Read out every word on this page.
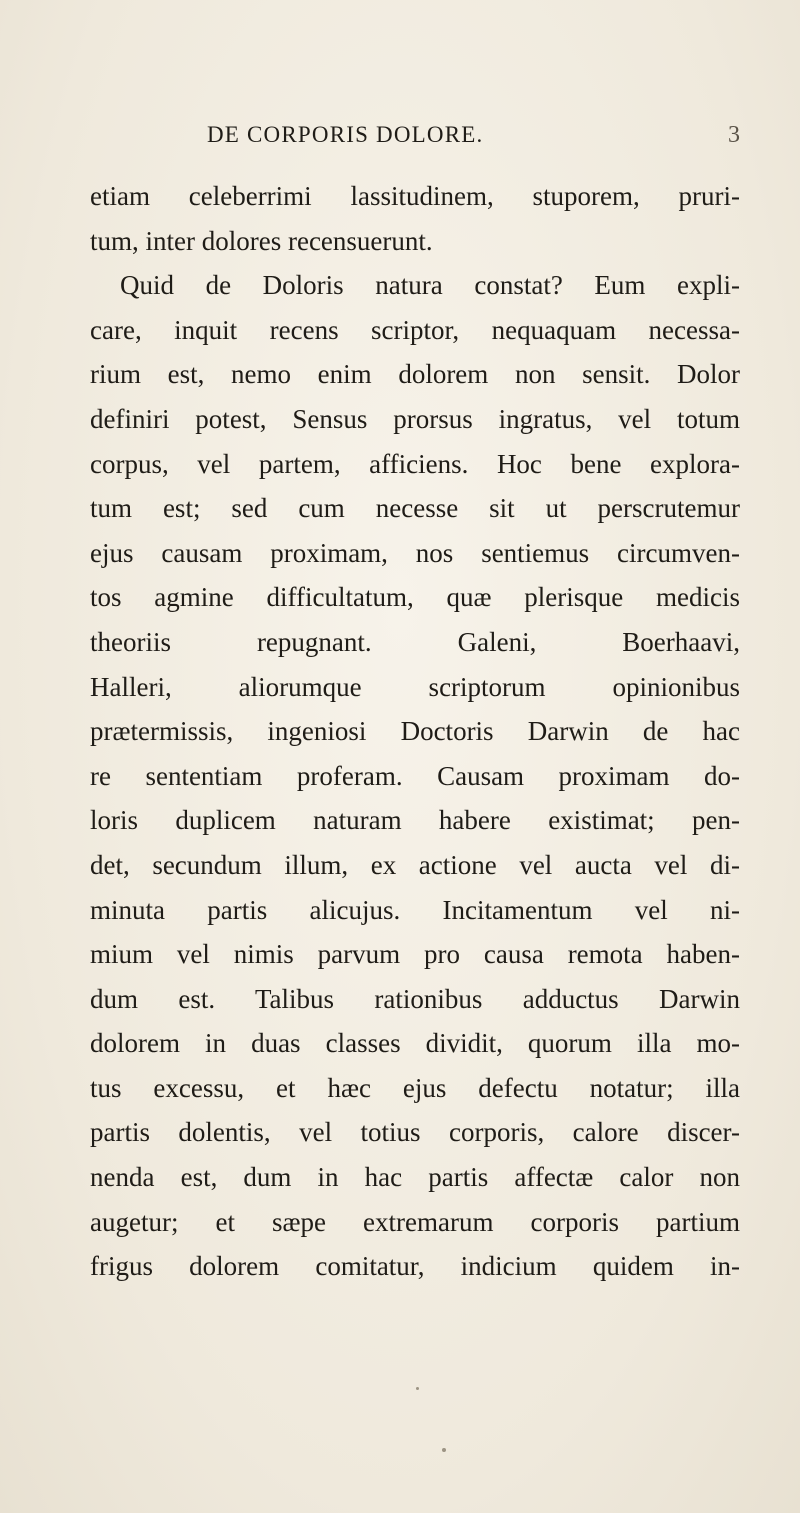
DE CORPORIS DOLORE.	3
etiam celeberrimi lassitudinem, stuporem, pruri-
tum, inter dolores recensuerunt.
Quid de Doloris natura constat? Eum expli-
care, inquit recens scriptor, nequaquam necessa-
rium est, nemo enim dolorem non sensit. Dolor
definiri potest, Sensus prorsus ingratus, vel totum
corpus, vel partem, afficiens. Hoc bene explora-
tum est; sed cum necesse sit ut perscrutemur
ejus causam proximam, nos sentiemus circumven-
tos agmine difficultatum, quæ plerisque medicis
theoriis repugnant. Galeni, Boerhaavi,
Halleri, aliorumque scriptorum opinionibus
prætermissis, ingeniosi Doctoris Darwin de hac
re sententiam proferam. Causam proximam do-
loris duplicem naturam habere existimat; pen-
det, secundum illum, ex actione vel aucta vel di-
minuta partis alicujus. Incitamentum vel ni-
mium vel nimis parvum pro causa remota haben-
dum est. Talibus rationibus adductus Darwin
dolorem in duas classes dividit, quorum illa mo-
tus excessu, et hæc ejus defectu notatur; illa
partis dolentis, vel totius corporis, calore discer-
nenda est, dum in hac partis affectæ calor non
augetur; et sæpe extremarum corporis partium
frigus dolorem comitatur, indicium quidem in-
